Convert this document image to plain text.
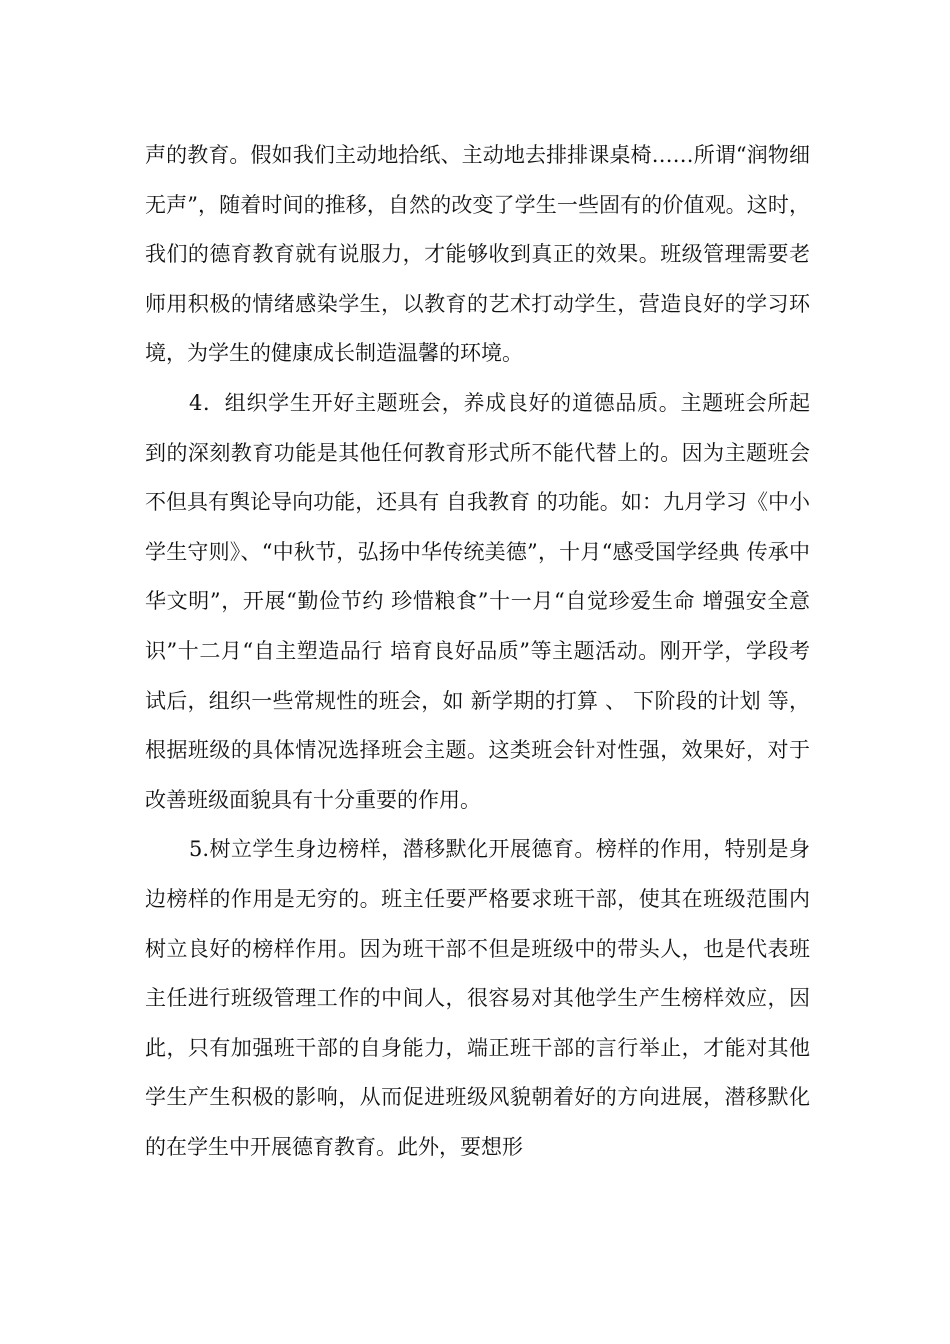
声的教育。假如我们主动地拾纸、主动地去排排课桌椅……所谓“润物细无声”，随着时间的推移，自然的改变了学生一些固有的价值观。这时，我们的德育教育就有说服力，才能够收到真正的效果。班级管理需要老师用积极的情绪感染学生，以教育的艺术打动学生，营造良好的学习环境，为学生的健康成长制造温馨的环境。

4．组织学生开好主题班会，养成良好的道德品质。主题班会所起到的深刻教育功能是其他任何教育形式所不能代替上的。因为主题班会不但具有舆论导向功能，还具有 自我教育 的功能。如：九月学习《中小学生守则》、“中秋节，弘扬中华传统美德”，十月“感受国学经典 传承中华文明”，开展“勤俭节约 珍惜粮食”十一月“自觉珍爱生命 增强安全意识”十二月“自主塑造品行 培育良好品质”等主题活动。刚开学，学段考试后，组织一些常规性的班会，如 新学期的打算 、 下阶段的计划 等，根据班级的具体情况选择班会主题。这类班会针对性强，效果好，对于改善班级面貌具有十分重要的作用。

5.树立学生身边榜样，潜移默化开展德育。榜样的作用，特别是身边榜样的作用是无穷的。班主任要严格要求班干部，使其在班级范围内树立良好的榜样作用。因为班干部不但是班级中的带头人，也是代表班主任进行班级管理工作的中间人，很容易对其他学生产生榜样效应，因此，只有加强班干部的自身能力，端正班干部的言行举止，才能对其他学生产生积极的影响，从而促进班级风貌朝着好的方向进展，潜移默化的在学生中开展德育教育。此外，要想形
